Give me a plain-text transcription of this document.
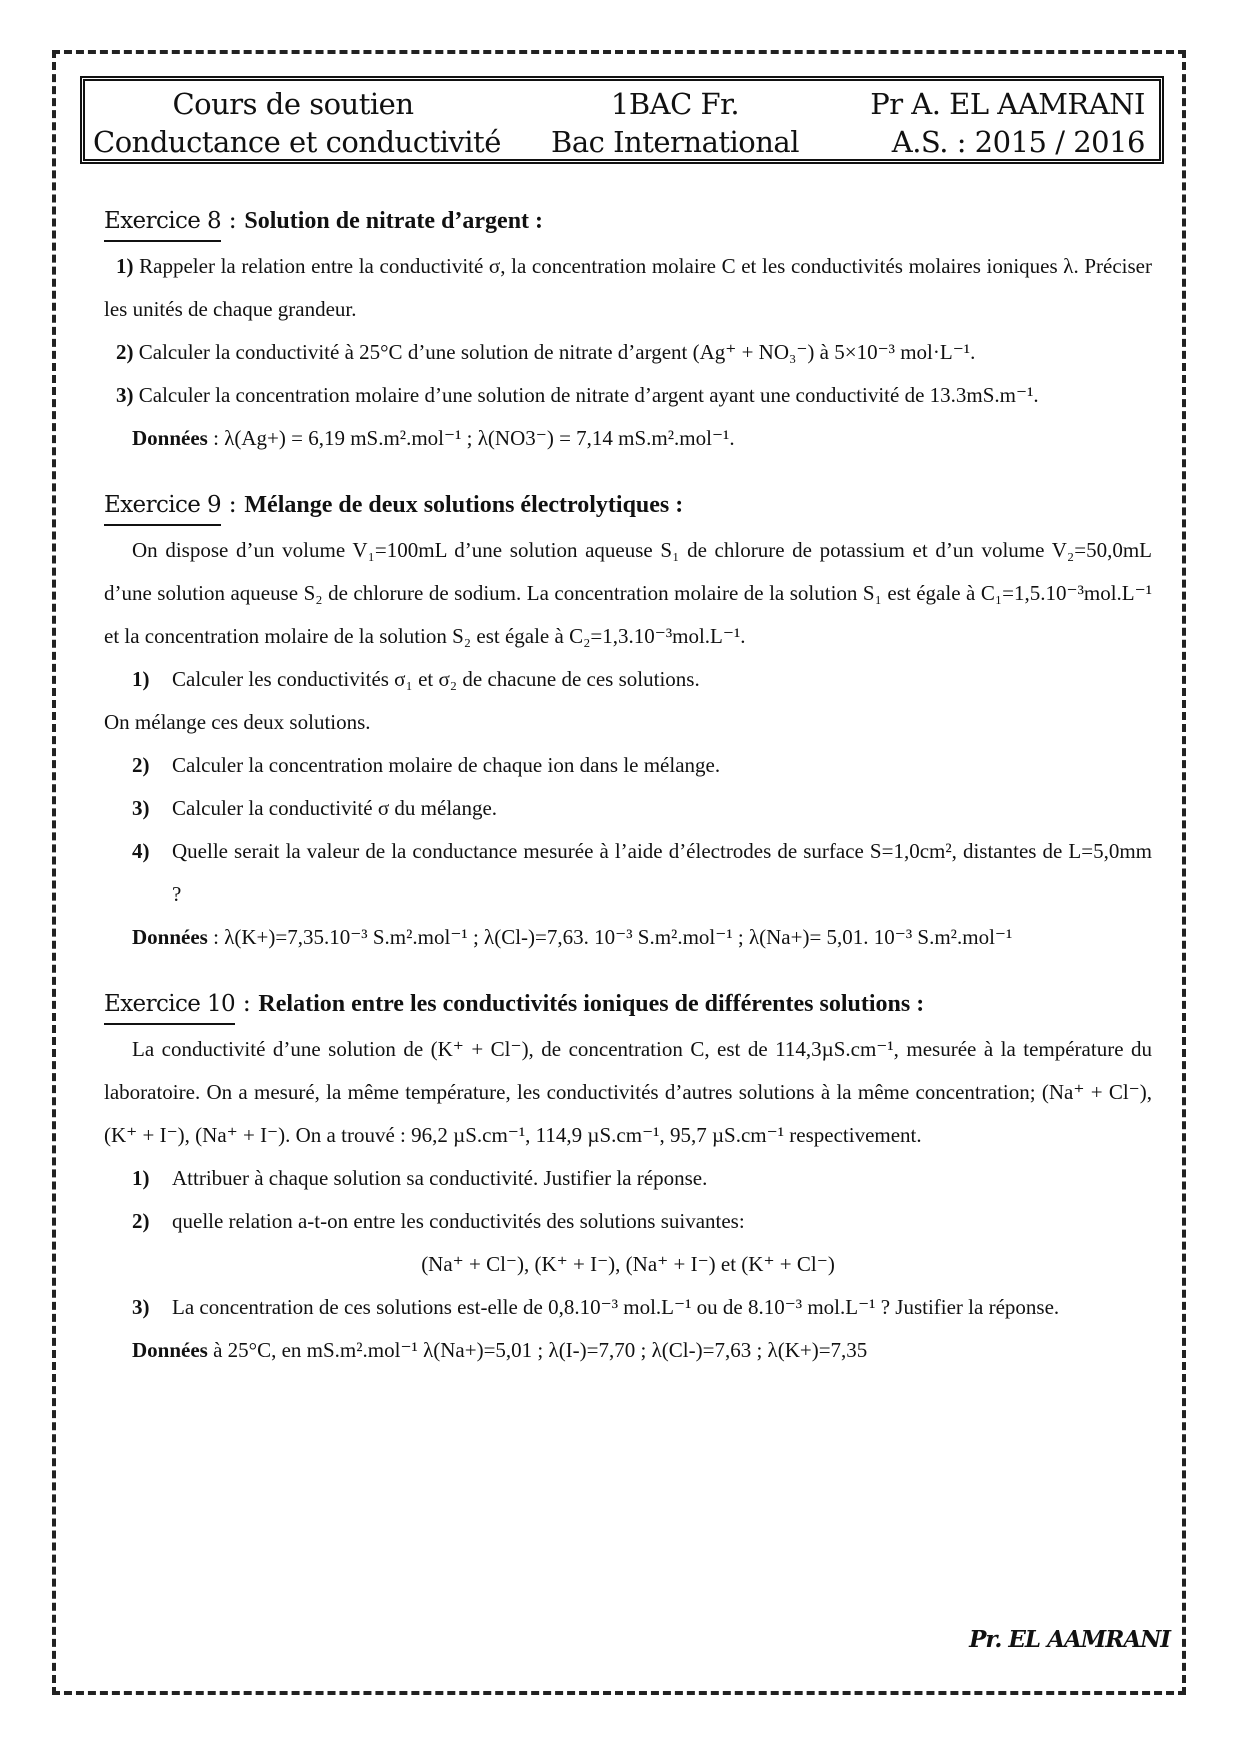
Cours de soutien
Conductance et conductivité
1BAC Fr.
Bac International
Pr A. EL AAMRANI
A.S. : 2015 / 2016
Exercice 8 : Solution de nitrate d’argent :

1) Rappeler la relation entre la conductivité σ, la concentration molaire C et les conductivités molaires ioniques λ. Préciser les unités de chaque grandeur.

2) Calculer la conductivité à 25°C d’une solution de nitrate d’argent (Ag⁺ + NO₃⁻) à 5×10⁻³ mol·L⁻¹.

3) Calculer la concentration molaire d’une solution de nitrate d’argent ayant une conductivité de 13.3mS.m⁻¹.

Données : λ(Ag+) = 6,19 mS.m².mol⁻¹ ; λ(NO3⁻) = 7,14 mS.m².mol⁻¹.

Exercice 9 : Mélange de deux solutions électrolytiques :

On dispose d’un volume V₁=100mL d’une solution aqueuse S₁ de chlorure de potassium et d’un volume V₂=50,0mL d’une solution aqueuse S₂ de chlorure de sodium. La concentration molaire de la solution S₁ est égale à C₁=1,5.10⁻³mol.L⁻¹ et la concentration molaire de la solution S₂ est égale à C₂=1,3.10⁻³mol.L⁻¹.

1) Calculer les conductivités σ₁ et σ₂ de chacune de ces solutions.

On mélange ces deux solutions.

2) Calculer la concentration molaire de chaque ion dans le mélange.
3) Calculer la conductivité σ du mélange.
4) Quelle serait la valeur de la conductance mesurée à l’aide d’électrodes de surface S=1,0cm², distantes de L=5,0mm ?

Données : λ(K+)=7,35.10⁻³ S.m².mol⁻¹ ; λ(Cl-)=7,63. 10⁻³ S.m².mol⁻¹ ; λ(Na+)= 5,01. 10⁻³ S.m².mol⁻¹

Exercice 10 : Relation entre les conductivités ioniques de différentes solutions :

La conductivité d’une solution de (K⁺ + Cl⁻), de concentration C, est de 114,3µS.cm⁻¹, mesurée à la température du laboratoire. On a mesuré, la même température, les conductivités d’autres solutions à la même concentration; (Na⁺ + Cl⁻), (K⁺ + I⁻), (Na⁺ + I⁻). On a trouvé : 96,2 µS.cm⁻¹, 114,9 µS.cm⁻¹, 95,7 µS.cm⁻¹ respectivement.

1) Attribuer à chaque solution sa conductivité. Justifier la réponse.
2) quelle relation a-t-on entre les conductivités des solutions suivantes:

(Na⁺ + Cl⁻), (K⁺ + I⁻), (Na⁺ + I⁻) et (K⁺ + Cl⁻)

3) La concentration de ces solutions est-elle de 0,8.10⁻³ mol.L⁻¹ ou de 8.10⁻³ mol.L⁻¹ ? Justifier la réponse.

Données à 25°C, en mS.m².mol⁻¹ λ(Na+)=5,01 ; λ(I-)=7,70 ; λ(Cl-)=7,63 ; λ(K+)=7,35

Pr. EL AAMRANI
